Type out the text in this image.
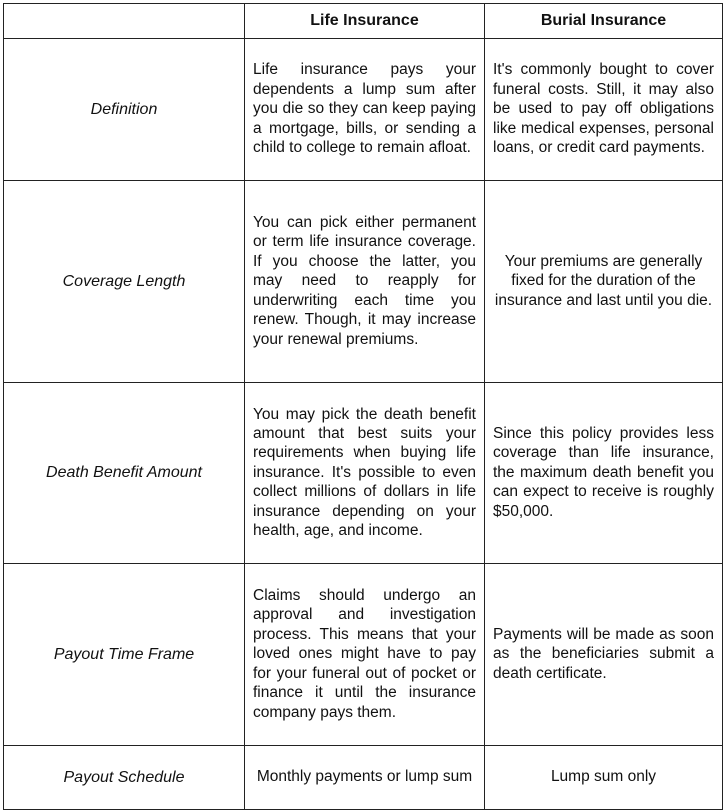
	Life Insurance	Burial Insurance
Definition	Life insurance pays your dependents a lump sum after you die so they can keep paying a mortgage, bills, or sending a child to college to remain afloat.	It's commonly bought to cover funeral costs. Still, it may also be used to pay off obligations like medical expenses, personal loans, or credit card payments.
Coverage Length	You can pick either permanent or term life insurance coverage. If you choose the latter, you may need to reapply for underwriting each time you renew. Though, it may increase your renewal premiums.	Your premiums are generally fixed for the duration of the insurance and last until you die.
Death Benefit Amount	You may pick the death benefit amount that best suits your requirements when buying life insurance. It's possible to even collect millions of dollars in life insurance depending on your health, age, and income.	Since this policy provides less coverage than life insurance, the maximum death benefit you can expect to receive is roughly $50,000.
Payout Time Frame	Claims should undergo an approval and investigation process. This means that your loved ones might have to pay for your funeral out of pocket or finance it until the insurance company pays them.	Payments will be made as soon as the beneficiaries submit a death certificate.
Payout Schedule	Monthly payments or lump sum	Lump sum only
